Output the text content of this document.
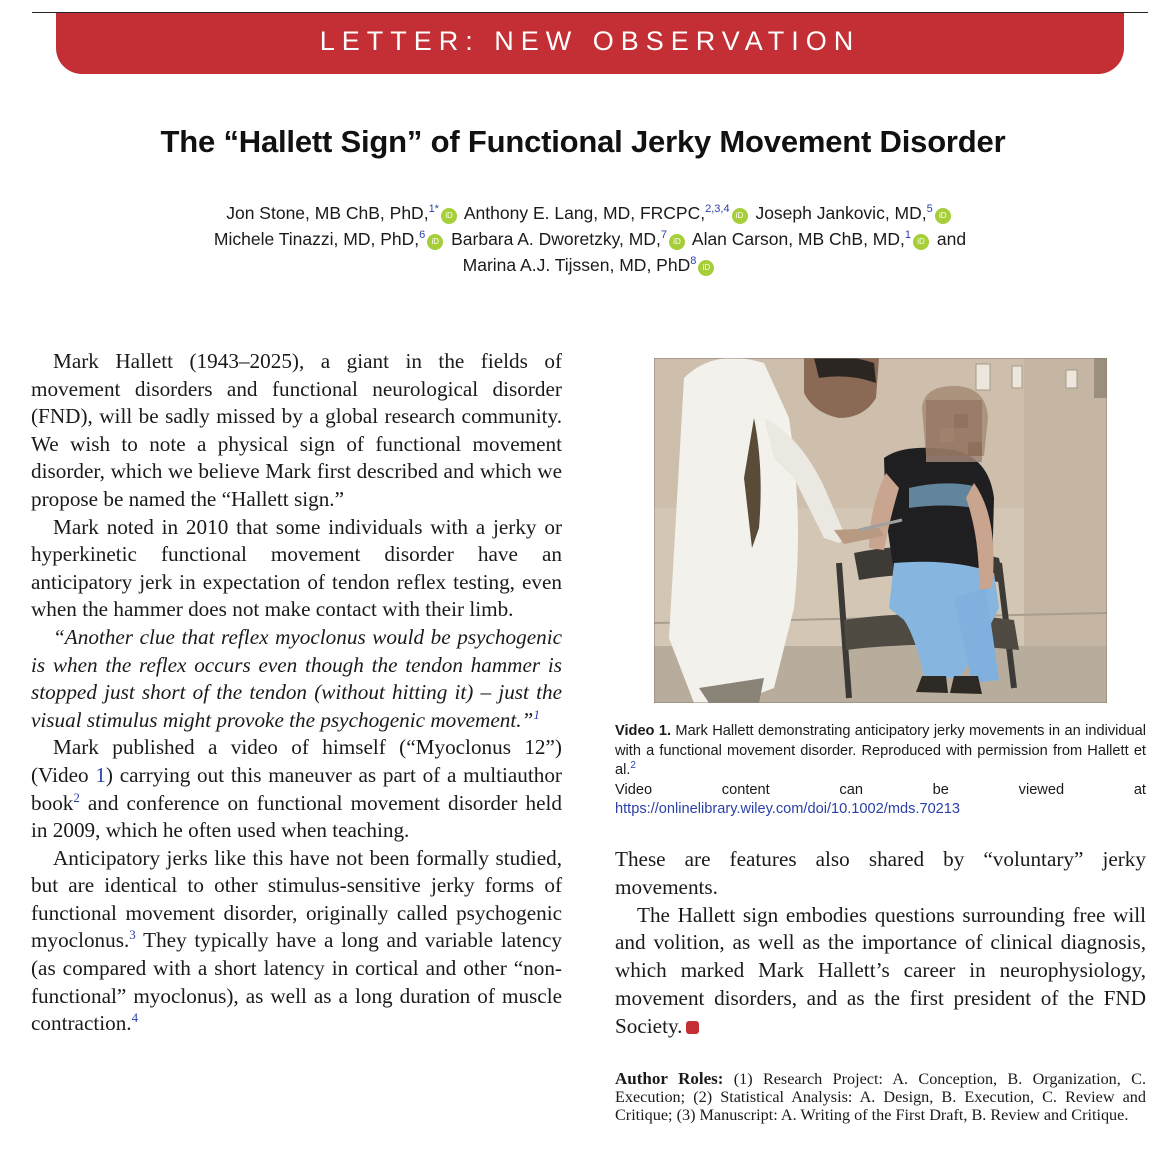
LETTER: NEW OBSERVATION
The “Hallett Sign” of Functional Jerky Movement Disorder
Jon Stone, MB ChB, PhD,$^{1*}$iD Anthony E. Lang, MD, FRCPC,$^{2,3,4}$iD Joseph Jankovic, MD,$^5$iD
Michele Tinazzi, MD, PhD,$^6$iD Barbara A. Dworetzky, MD,$^7$iD Alan Carson, MB ChB, MD,$^1$iD and
Marina A.J. Tijssen, MD, PhD$^8$iD

Mark Hallett (1943–2025), a giant in the fields of movement disorders and functional neurological disorder (FND), will be sadly missed by a global research community. We wish to note a physical sign of functional movement disorder, which we believe Mark first described and which we propose be named the “Hallett sign.”

Mark noted in 2010 that some individuals with a jerky or hyperkinetic functional movement disorder have an anticipatory jerk in expectation of tendon reflex testing, even when the hammer does not make contact with their limb.

“Another clue that reflex myoclonus would be psychogenic is when the reflex occurs even though the tendon hammer is stopped just short of the tendon (without hitting it) – just the visual stimulus might provoke the psychogenic movement.”$^1$

Mark published a video of himself (“Myoclonus 12”) (Video 1) carrying out this maneuver as part of a multiauthor book$^2$ and conference on functional movement disorder held in 2009, which he often used when teaching.

Anticipatory jerks like this have not been formally studied, but are identical to other stimulus-sensitive jerky forms of functional movement disorder, originally called psychogenic myoclonus.$^3$ They typically have a long and variable latency (as compared with a short latency in cortical and other “non-functional” myoclonus), as well as a long duration of muscle contraction.$^4$

Video 1. Mark Hallett demonstrating anticipatory jerky movements in an individual with a functional movement disorder. Reproduced with permission from Hallett et al.$^2$

Video content can be viewed at https://onlinelibrary.wiley.com/doi/10.1002/mds.70213

These are features also shared by “voluntary” jerky movements.

The Hallett sign embodies questions surrounding free will and volition, as well as the importance of clinical diagnosis, which marked Mark Hallett’s career in neurophysiology, movement disorders, and as the first president of the FND Society.

Author Roles: (1) Research Project: A. Conception, B. Organization, C. Execution; (2) Statistical Analysis: A. Design, B. Execution, C. Review and Critique; (3) Manuscript: A. Writing of the First Draft, B. Review and Critique.
